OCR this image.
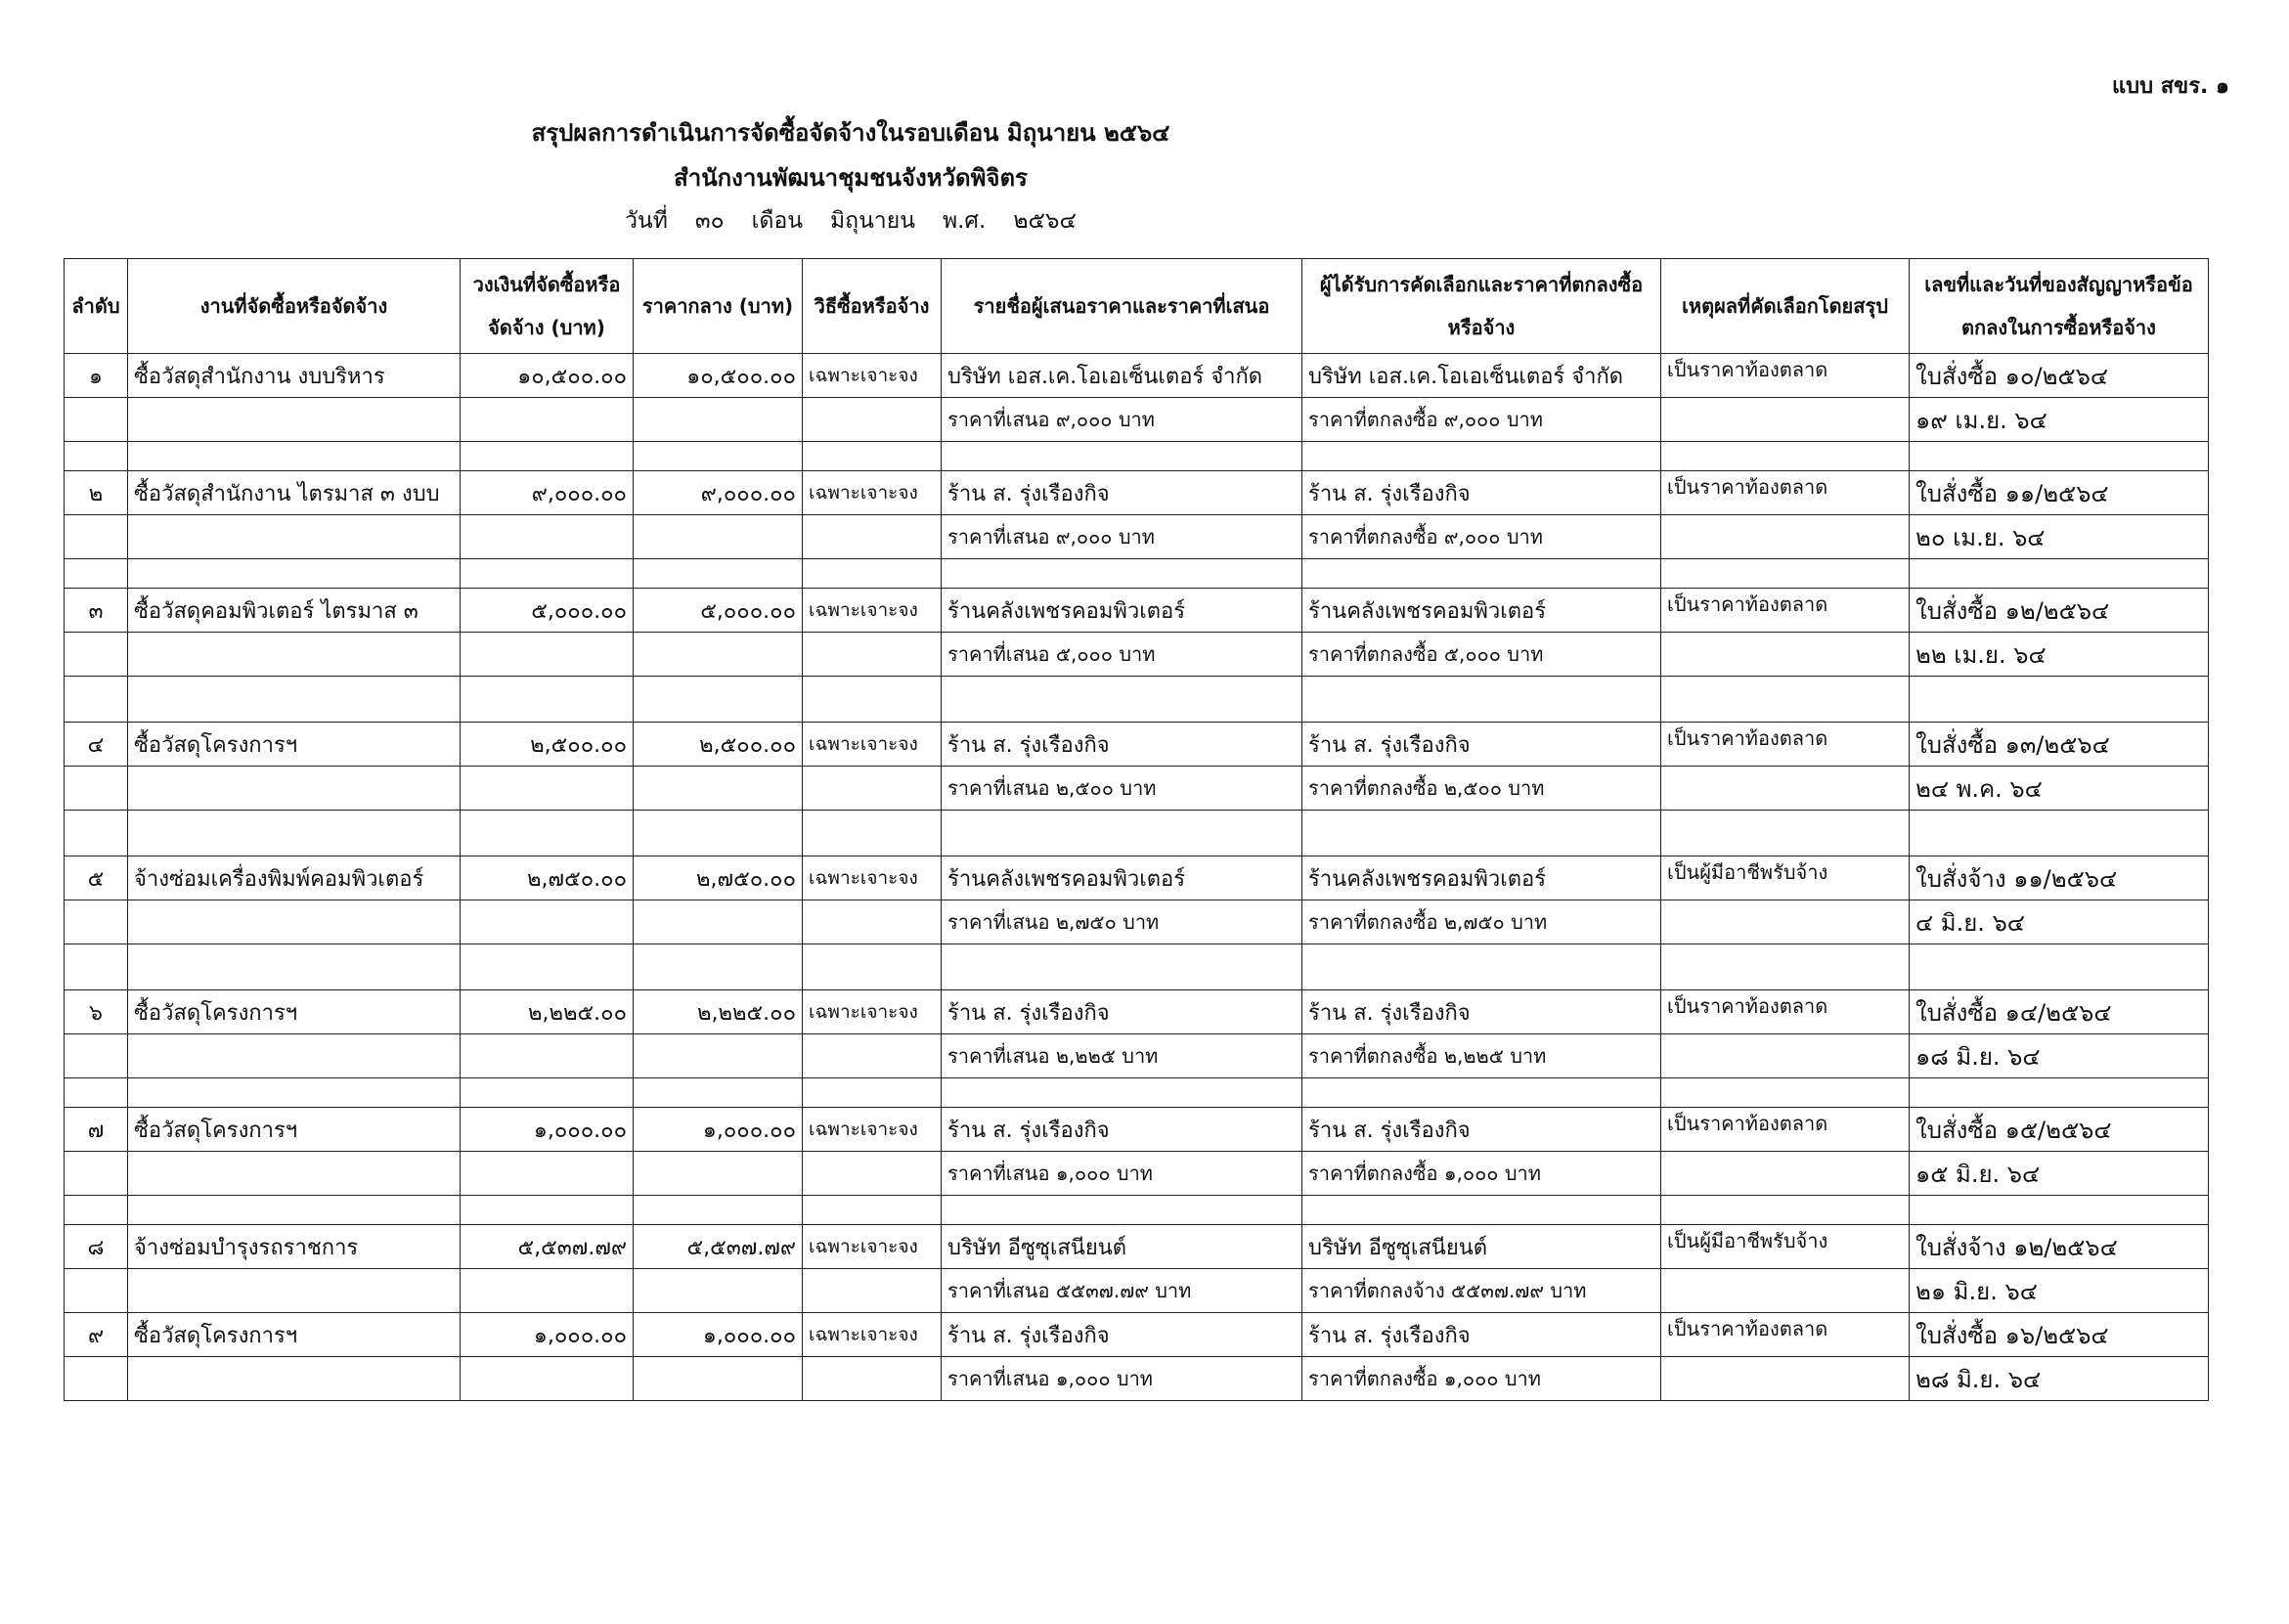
แบบ สขร. ๑
สรุปผลการดำเนินการจัดซื้อจัดจ้างในรอบเดือน มิถุนายน ๒๕๖๔
สำนักงานพัฒนาชุมชนจังหวัดพิจิตร
วันที่ ๓๐ เดือน มิถุนายน พ.ศ. ๒๕๖๔
ลำดับ	งานที่จัดซื้อหรือจัดจ้าง	วงเงินที่จัดซื้อหรือจัดจ้าง (บาท)	ราคากลาง (บาท)	วิธีซื้อหรือจ้าง	รายชื่อผู้เสนอราคาและราคาที่เสนอ	ผู้ได้รับการคัดเลือกและราคาที่ตกลงซื้อหรือจ้าง	เหตุผลที่คัดเลือกโดยสรุป	เลขที่และวันที่ของสัญญาหรือข้อตกลงในการซื้อหรือจ้าง
๑	ซื้อวัสดุสำนักงาน งบบริหาร	๑๐,๕๐๐.๐๐	๑๐,๕๐๐.๐๐	เฉพาะเจาะจง	บริษัท เอส.เค.โอเอเซ็นเตอร์ จำกัด	บริษัท เอส.เค.โอเอเซ็นเตอร์ จำกัด	เป็นราคาท้องตลาด	ใบสั่งซื้อ ๑๐/๒๕๖๔
					ราคาที่เสนอ ๙,๐๐๐ บาท	ราคาที่ตกลงซื้อ ๙,๐๐๐ บาท		๑๙ เม.ย. ๖๔

๒	ซื้อวัสดุสำนักงาน ไตรมาส ๓ งบบ	๙,๐๐๐.๐๐	๙,๐๐๐.๐๐	เฉพาะเจาะจง	ร้าน ส. รุ่งเรืองกิจ	ร้าน ส. รุ่งเรืองกิจ	เป็นราคาท้องตลาด	ใบสั่งซื้อ ๑๑/๒๕๖๔
					ราคาที่เสนอ ๙,๐๐๐ บาท	ราคาที่ตกลงซื้อ ๙,๐๐๐ บาท		๒๐ เม.ย. ๖๔

๓	ซื้อวัสดุคอมพิวเตอร์ ไตรมาส ๓	๕,๐๐๐.๐๐	๕,๐๐๐.๐๐	เฉพาะเจาะจง	ร้านคลังเพชรคอมพิวเตอร์	ร้านคลังเพชรคอมพิวเตอร์	เป็นราคาท้องตลาด	ใบสั่งซื้อ ๑๒/๒๕๖๔
					ราคาที่เสนอ ๕,๐๐๐ บาท	ราคาที่ตกลงซื้อ ๕,๐๐๐ บาท		๒๒ เม.ย. ๖๔

๔	ซื้อวัสดุโครงการฯ	๒,๕๐๐.๐๐	๒,๕๐๐.๐๐	เฉพาะเจาะจง	ร้าน ส. รุ่งเรืองกิจ	ร้าน ส. รุ่งเรืองกิจ	เป็นราคาท้องตลาด	ใบสั่งซื้อ ๑๓/๒๕๖๔
					ราคาที่เสนอ ๒,๕๐๐ บาท	ราคาที่ตกลงซื้อ ๒,๕๐๐ บาท		๒๔ พ.ค. ๖๔

๕	จ้างซ่อมเครื่องพิมพ์คอมพิวเตอร์	๒,๗๕๐.๐๐	๒,๗๕๐.๐๐	เฉพาะเจาะจง	ร้านคลังเพชรคอมพิวเตอร์	ร้านคลังเพชรคอมพิวเตอร์	เป็นผู้มีอาชีพรับจ้าง	ใบสั่งจ้าง ๑๑/๒๕๖๔
					ราคาที่เสนอ ๒,๗๕๐ บาท	ราคาที่ตกลงซื้อ ๒,๗๕๐ บาท		๔ มิ.ย. ๖๔

๖	ซื้อวัสดุโครงการฯ	๒,๒๒๕.๐๐	๒,๒๒๕.๐๐	เฉพาะเจาะจง	ร้าน ส. รุ่งเรืองกิจ	ร้าน ส. รุ่งเรืองกิจ	เป็นราคาท้องตลาด	ใบสั่งซื้อ ๑๔/๒๕๖๔
					ราคาที่เสนอ ๒,๒๒๕ บาท	ราคาที่ตกลงซื้อ ๒,๒๒๕ บาท		๑๘ มิ.ย. ๖๔

๗	ซื้อวัสดุโครงการฯ	๑,๐๐๐.๐๐	๑,๐๐๐.๐๐	เฉพาะเจาะจง	ร้าน ส. รุ่งเรืองกิจ	ร้าน ส. รุ่งเรืองกิจ	เป็นราคาท้องตลาด	ใบสั่งซื้อ ๑๕/๒๕๖๔
					ราคาที่เสนอ ๑,๐๐๐ บาท	ราคาที่ตกลงซื้อ ๑,๐๐๐ บาท		๑๕ มิ.ย. ๖๔

๘	จ้างซ่อมบำรุงรถราชการ	๕,๕๓๗.๗๙	๕,๕๓๗.๗๙	เฉพาะเจาะจง	บริษัท อีซูซุเสนียนต์	บริษัท อีซูซุเสนียนต์	เป็นผู้มีอาชีพรับจ้าง	ใบสั่งจ้าง ๑๒/๒๕๖๔
					ราคาที่เสนอ ๕๕๓๗.๗๙ บาท	ราคาที่ตกลงจ้าง ๕๕๓๗.๗๙ บาท		๒๑ มิ.ย. ๖๔
๙	ซื้อวัสดุโครงการฯ	๑,๐๐๐.๐๐	๑,๐๐๐.๐๐	เฉพาะเจาะจง	ร้าน ส. รุ่งเรืองกิจ	ร้าน ส. รุ่งเรืองกิจ	เป็นราคาท้องตลาด	ใบสั่งซื้อ ๑๖/๒๕๖๔
					ราคาที่เสนอ ๑,๐๐๐ บาท	ราคาที่ตกลงซื้อ ๑,๐๐๐ บาท		๒๘ มิ.ย. ๖๔
